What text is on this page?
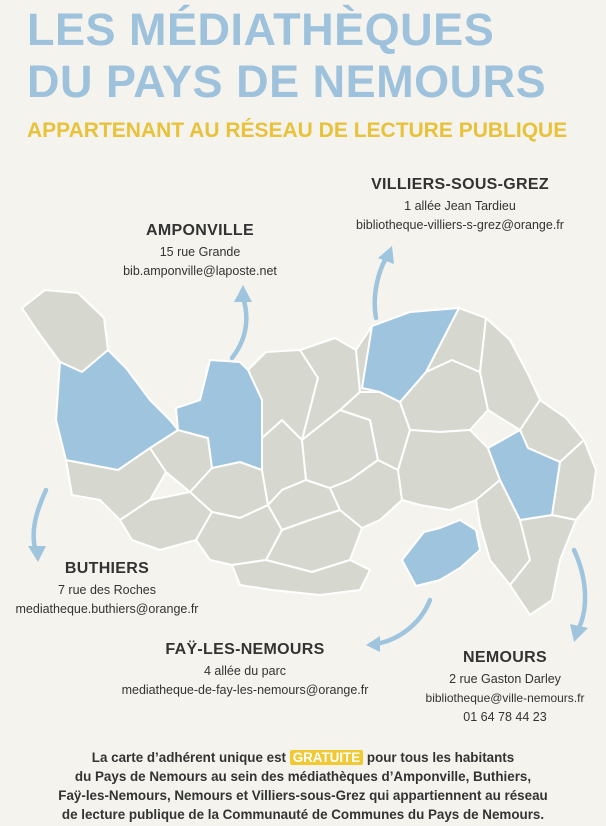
LES MÉDIATHÈQUES
DU PAYS DE NEMOURS
APPARTENANT AU RÉSEAU DE LECTURE PUBLIQUE
AMPONVILLE
15 rue Grande
bib.amponville@laposte.net
VILLIERS-SOUS-GREZ
1 allée Jean Tardieu
bibliotheque-villiers-s-grez@orange.fr
BUTHIERS
7 rue des Roches
mediatheque.buthiers@orange.fr
FAŸ-LES-NEMOURS
4 allée du parc
mediatheque-de-fay-les-nemours@orange.fr
NEMOURS
2 rue Gaston Darley
bibliotheque@ville-nemours.fr
01 64 78 44 23
La carte d’adhérent unique est GRATUITE pour tous les habitants
du Pays de Nemours au sein des médiathèques d’Amponville, Buthiers,
Faÿ-les-Nemours, Nemours et Villiers-sous-Grez qui appartiennent au réseau
de lecture publique de la Communauté de Communes du Pays de Nemours.
